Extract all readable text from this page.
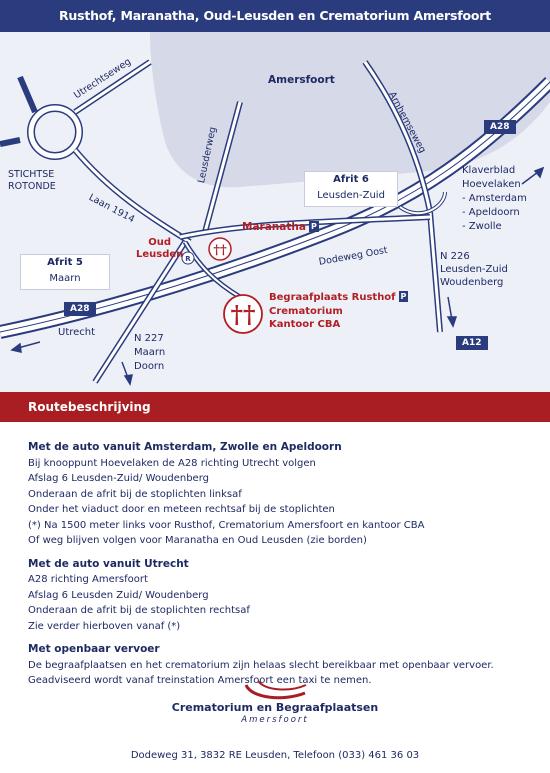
Rusthof, Maranatha, Oud-Leusden en Crematorium Amersfoort
††
††
R
Amersfoort
Utrechtseweg
Leusderweg
Arnhemseweg
Laan 1914
Dodeweg Oost
STICHTSE
ROTONDE
Afrit 6
Leusden-Zuid
Afrit 5
Maarn
Klaverblad
Hoevelaken
- Amsterdam
- Apeldoorn
- Zwolle
N 226
Leusden-Zuid
Woudenberg
N 227
Maarn
Doorn
A28
A28
A12
Utrecht
Maranatha P
Oud
Leusden
Begraafplaats Rusthof P
Crematorium
Kantoor CBA
Routebeschrijving
Met de auto vanuit Amsterdam, Zwolle en Apeldoorn
Bij knooppunt Hoevelaken de A28 richting Utrecht volgen
Afslag 6 Leusden-Zuid/ Woudenberg
Onderaan de afrit bij de stoplichten linksaf
Onder het viaduct door en meteen rechtsaf bij de stoplichten
(*) Na 1500 meter links voor Rusthof, Crematorium Amersfoort en kantoor CBA
Of weg blijven volgen voor Maranatha en Oud Leusden (zie borden)
Met de auto vanuit Utrecht
A28 richting Amersfoort
Afslag 6 Leusden Zuid/ Woudenberg
Onderaan de afrit bij de stoplichten rechtsaf
Zie verder hierboven vanaf (*)
Met openbaar vervoer
De begraafplaatsen en het crematorium zijn helaas slecht bereikbaar met openbaar vervoer.
Geadviseerd wordt vanaf treinstation Amersfoort een taxi te nemen.
Crematorium en Begraafplaatsen
Amersfoort
Dodeweg 31, 3832 RE Leusden, Telefoon (033) 461 36 03
